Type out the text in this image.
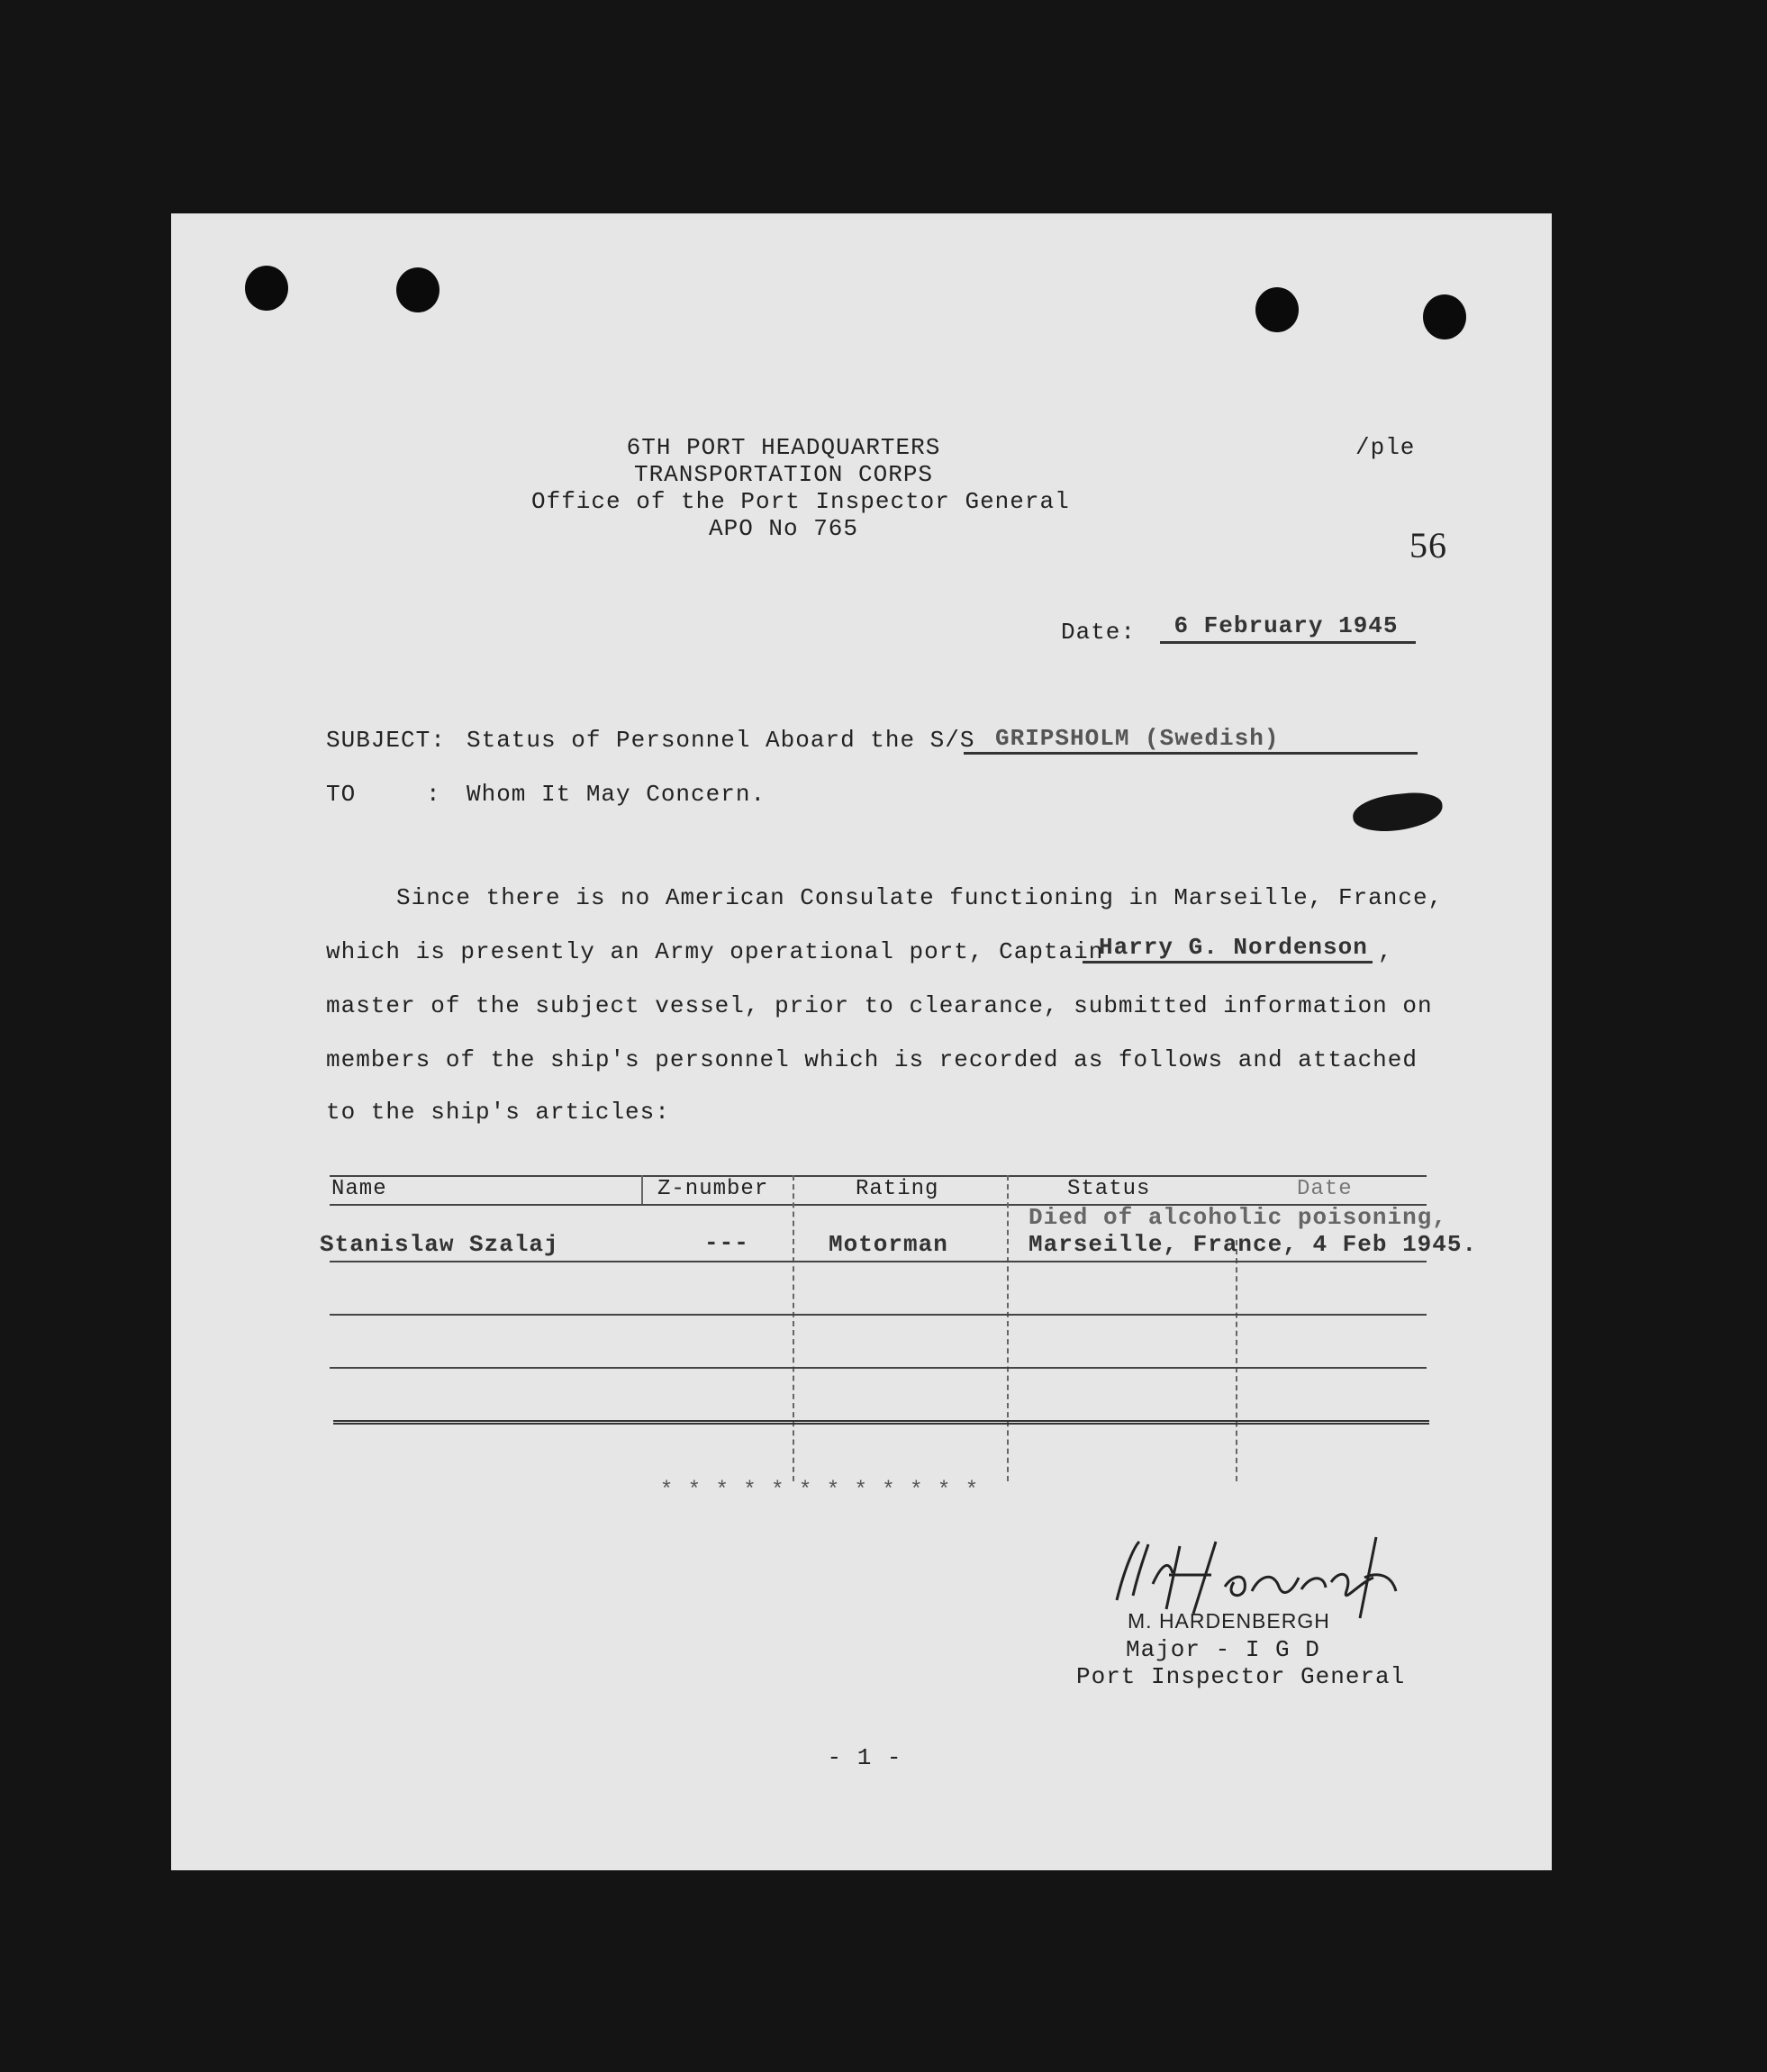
6TH PORT HEADQUARTERS
TRANSPORTATION CORPS
Office of the Port Inspector General
APO No 765
/ple
56
Date:	6 February 1945
SUBJECT: Status of Personnel Aboard the S/S GRIPSHOLM (Swedish)
TO	: Whom It May Concern.
Since there is no American Consulate functioning in Marseille, France,
which is presently an Army operational port, Captain
Harry G. Nordenson ,
master of the subject vessel, prior to clearance, submitted information on
members of the ship's personnel which is recorded as follows and attached
to the ship's articles:
Name	Z-number	Rating	Status	Date
Stanislaw Szalaj	---	Motorman
Died of alcoholic poisoning,
Marseille, France, 4 Feb 1945.
* * * * * * * * * * * *
M. HARDENBERGH
Major - I G D
Port Inspector General
- 1 -
